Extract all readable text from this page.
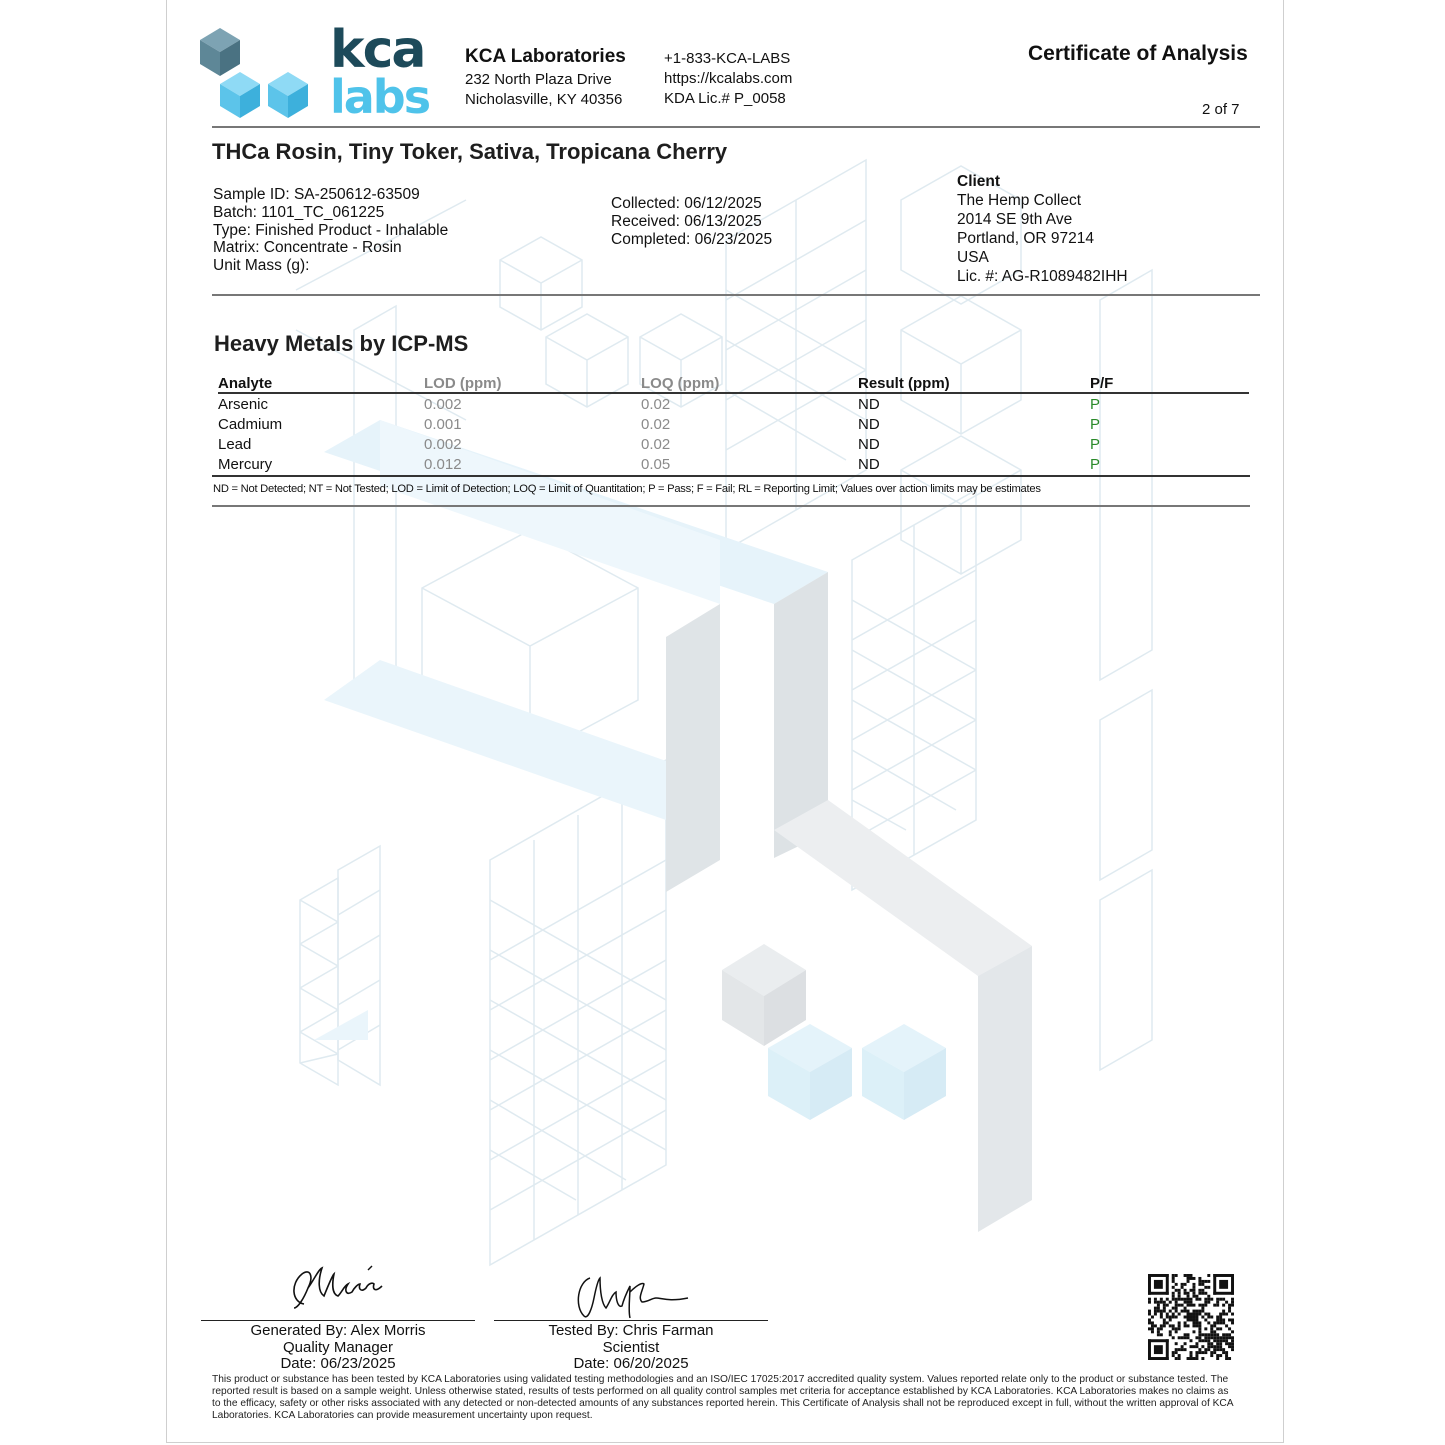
kca
labs
KCA Laboratories
232 North Plaza Drive
Nicholasville, KY 40356
+1-833-KCA-LABS
https://kcalabs.com
KDA Lic.# P_0058
Certificate of Analysis
2 of 7
THCa Rosin, Tiny Toker, Sativa, Tropicana Cherry
Sample ID: SA-250612-63509
Batch: 1101_TC_061225
Type: Finished Product - Inhalable
Matrix: Concentrate - Rosin
Unit Mass (g):
Collected: 06/12/2025
Received: 06/13/2025
Completed: 06/23/2025
Client
The Hemp Collect
2014 SE 9th Ave
Portland, OR 97214
USA
Lic. #: AG-R1089482IHH
Heavy Metals by ICP-MS
Analyte	LOD (ppm)	LOQ (ppm)	Result (ppm)	P/F
Arsenic	0.002	0.02	ND	P
Cadmium	0.001	0.02	ND	P
Lead	0.002	0.02	ND	P
Mercury	0.012	0.05	ND	P
ND = Not Detected; NT = Not Tested; LOD = Limit of Detection; LOQ = Limit of Quantitation; P = Pass; F = Fail; RL = Reporting Limit; Values over action limits may be estimates
Generated By: Alex Morris
Quality Manager
Date: 06/23/2025
Tested By: Chris Farman
Scientist
Date: 06/20/2025
This product or substance has been tested by KCA Laboratories using validated testing methodologies and an ISO/IEC 17025:2017 accredited quality system. Values reported relate only to the product or substance tested. The reported result is based on a sample weight. Unless otherwise stated, results of tests performed on all quality control samples met criteria for acceptance established by KCA Laboratories. KCA Laboratories makes no claims as to the efficacy, safety or other risks associated with any detected or non-detected amounts of any substances reported herein. This Certificate of Analysis shall not be reproduced except in full, without the written approval of KCA Laboratories. KCA Laboratories can provide measurement uncertainty upon request.
